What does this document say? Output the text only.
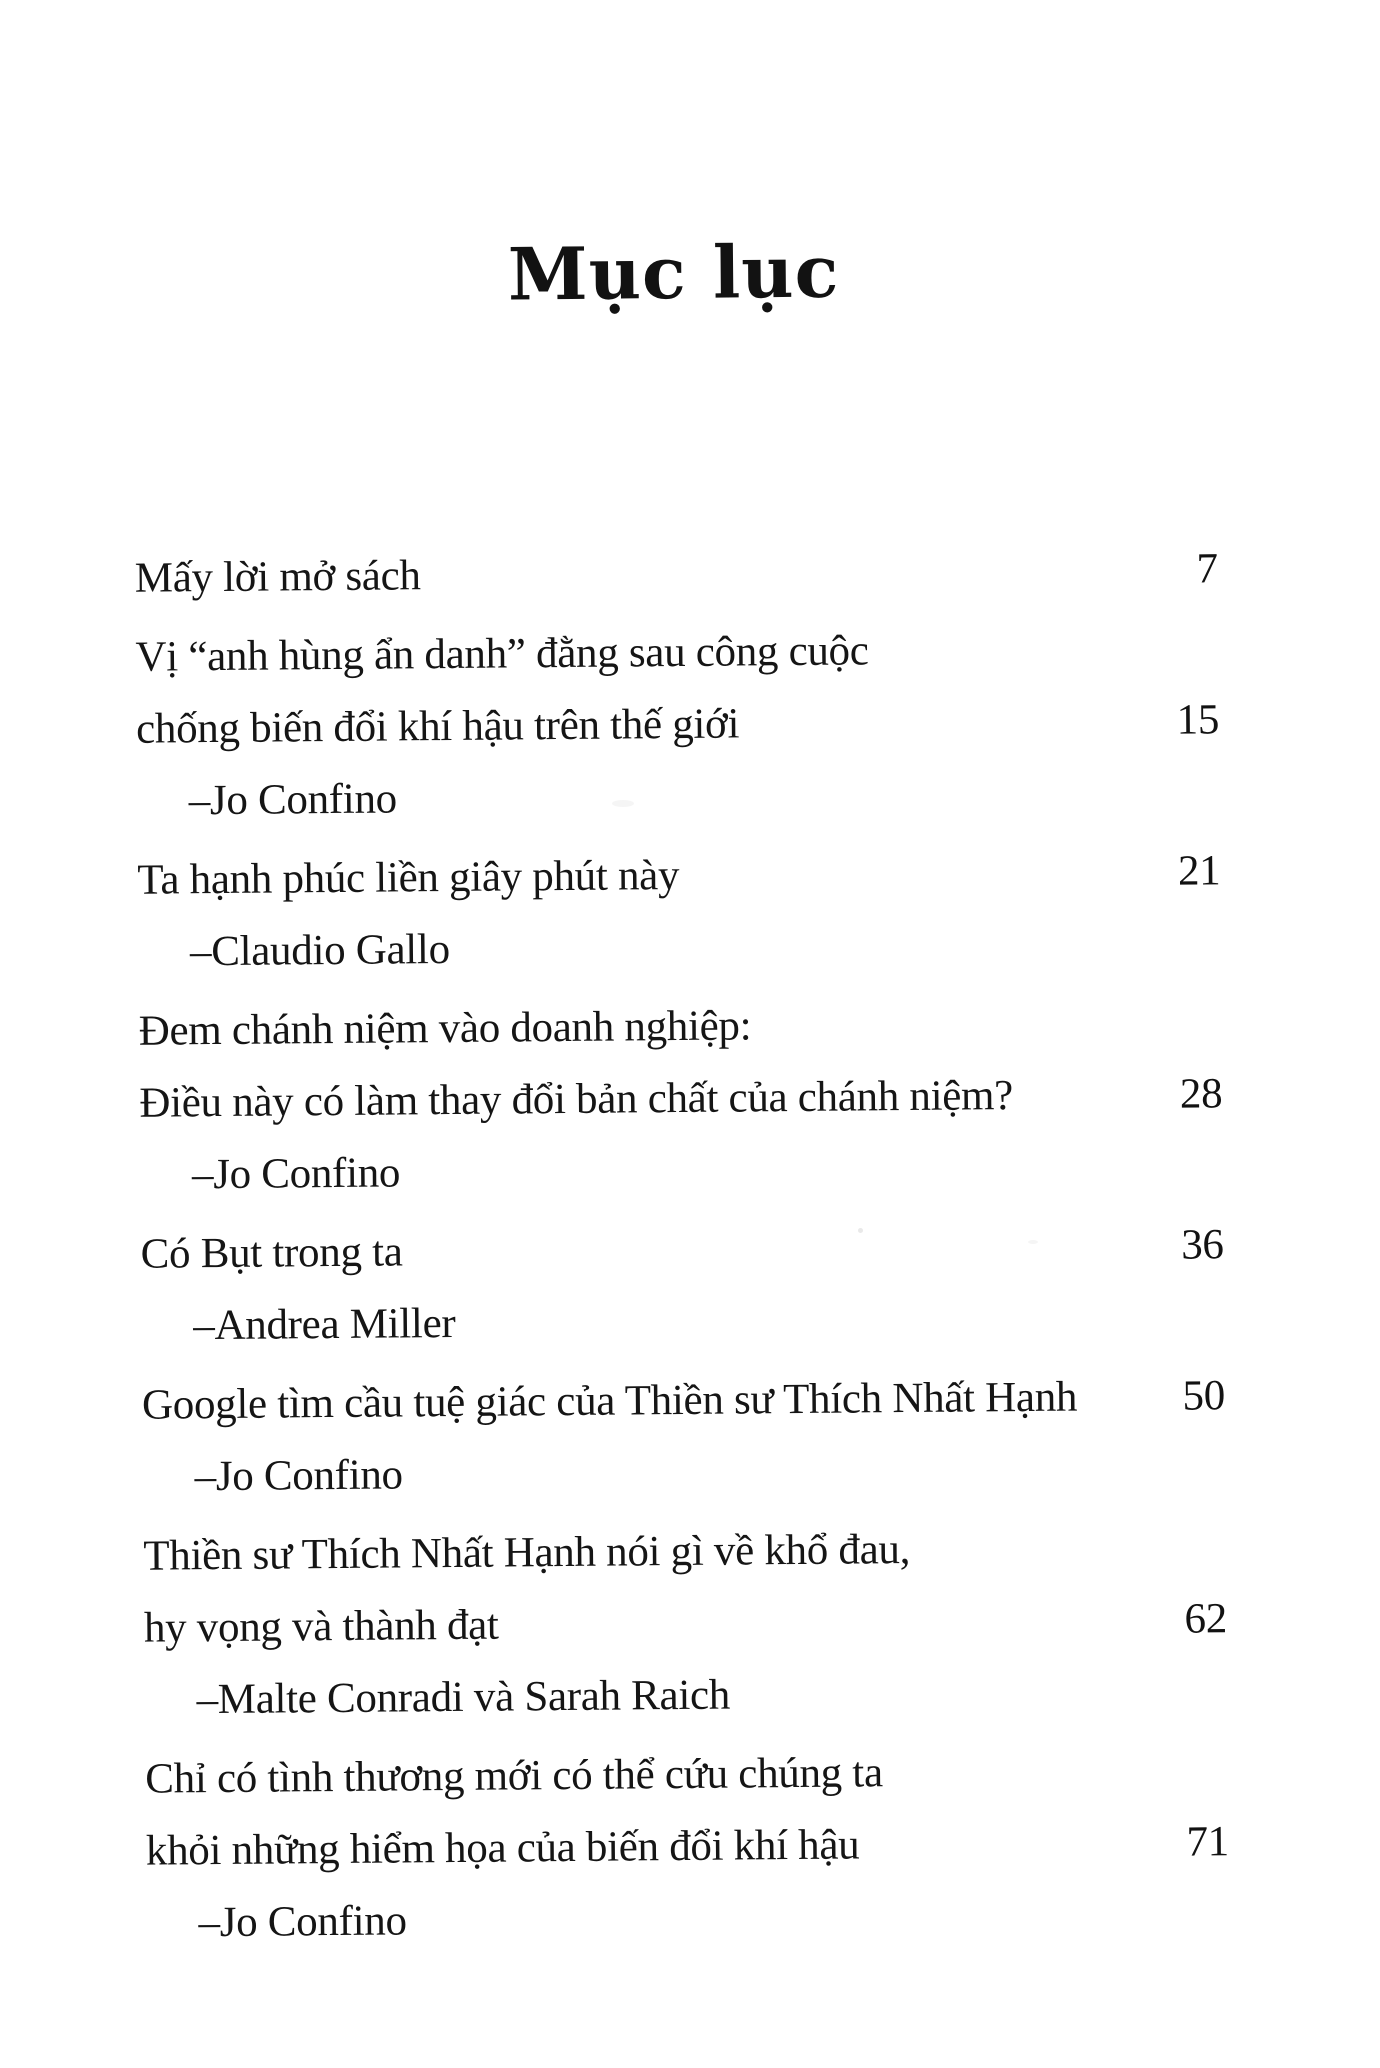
Mục lục
Mấy lời mở sách	7
Vị “anh hùng ẩn danh” đằng sau công cuộc
chống biến đổi khí hậu trên thế giới	15
–Jo Confino
Ta hạnh phúc liền giây phút này	21
–Claudio Gallo
Đem chánh niệm vào doanh nghiệp:
Điều này có làm thay đổi bản chất của chánh niệm?	28
–Jo Confino
Có Bụt trong ta	36
–Andrea Miller
Google tìm cầu tuệ giác của Thiền sư Thích Nhất Hạnh	50
–Jo Confino
Thiền sư Thích Nhất Hạnh nói gì về khổ đau,
hy vọng và thành đạt	62
–Malte Conradi và Sarah Raich
Chỉ có tình thương mới có thể cứu chúng ta
khỏi những hiểm họa của biến đổi khí hậu	71
–Jo Confino
